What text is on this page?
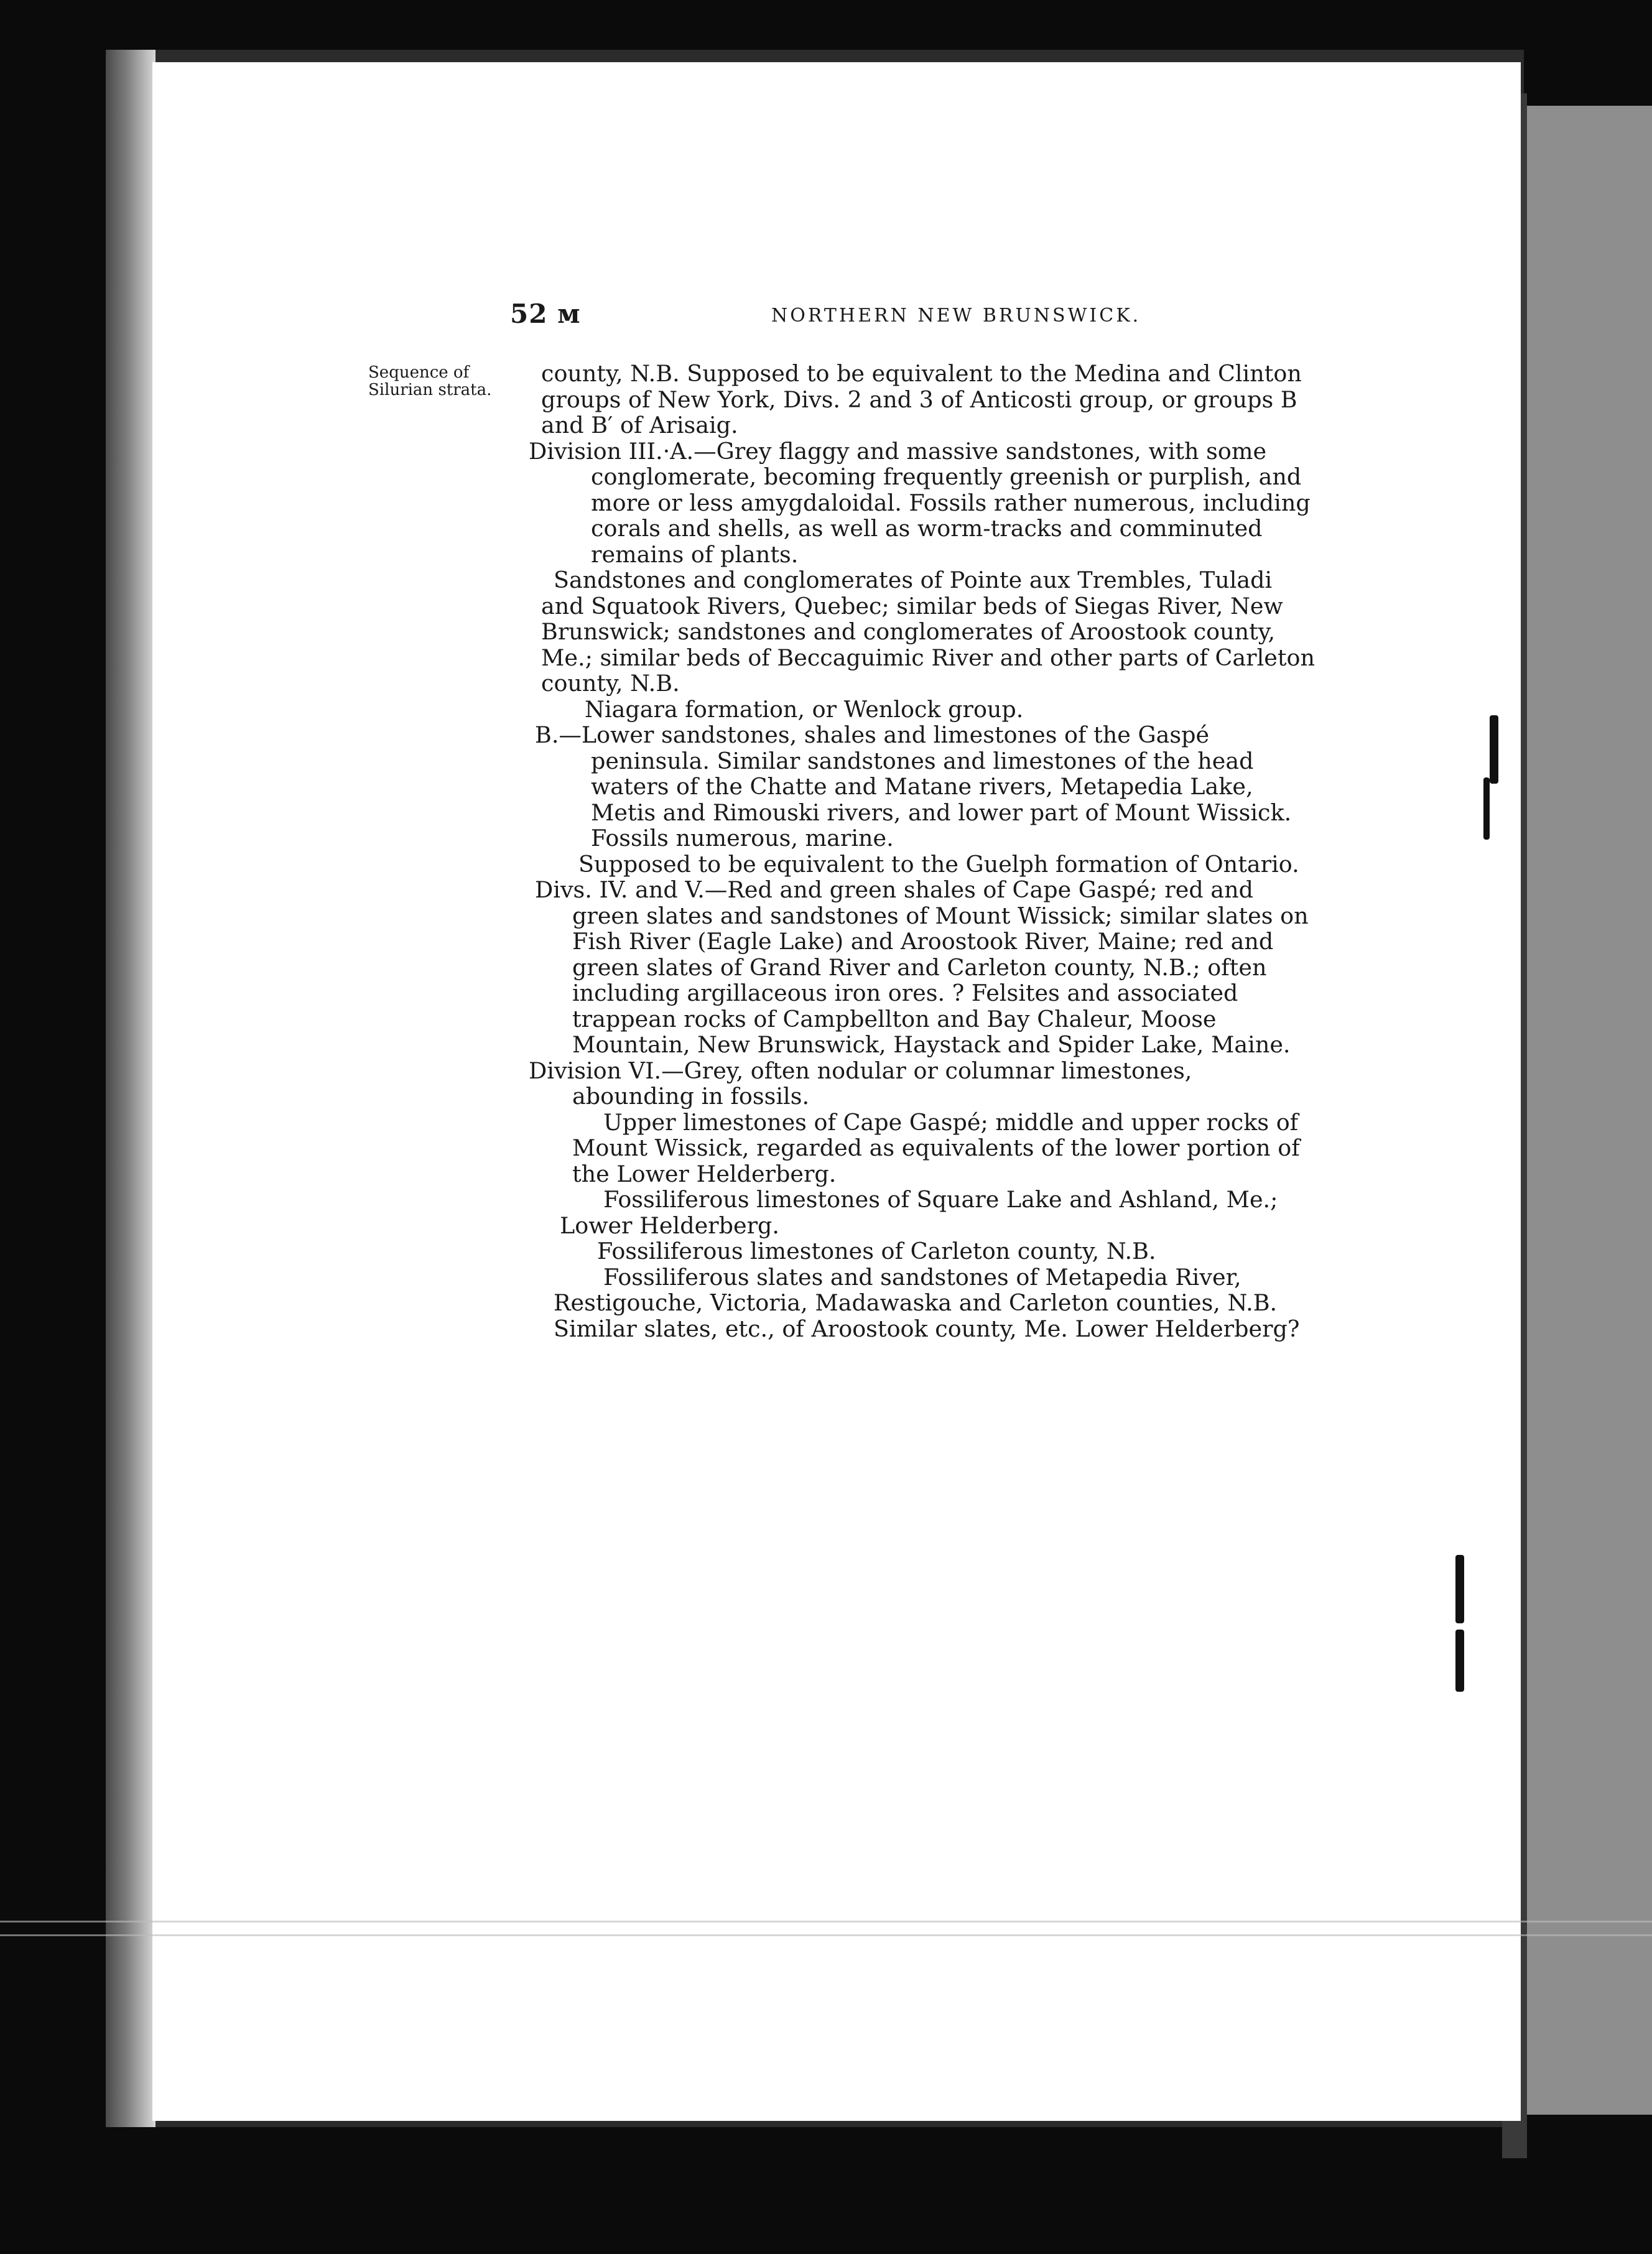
52 м	NORTHERN NEW BRUNSWICK.
Sequence of Silurian strata.

county, N.B. Supposed to be equivalent to the Medina and Clinton groups of New York, Divs. 2 and 3 of Anticosti group, or groups B and B′ of Arisaig.

Division III.·A.—Grey flaggy and massive sandstones, with some conglomerate, becoming frequently greenish or purplish, and more or less amygdaloidal. Fossils rather numerous, including corals and shells, as well as worm-tracks and comminuted remains of plants.

Sandstones and conglomerates of Pointe aux Trembles, Tuladi and Squatook Rivers, Quebec; similar beds of Siegas River, New Brunswick; sandstones and conglomerates of Aroostook county, Me.; similar beds of Beccaguimic River and other parts of Carleton county, N.B.

Niagara formation, or Wenlock group.

B.—Lower sandstones, shales and limestones of the Gaspé peninsula. Similar sandstones and limestones of the head waters of the Chatte and Matane rivers, Metapedia Lake, Metis and Rimouski rivers, and lower part of Mount Wissick. Fossils numerous, marine.

Supposed to be equivalent to the Guelph formation of Ontario.

Divs. IV. and V.—Red and green shales of Cape Gaspé; red and green slates and sandstones of Mount Wissick; similar slates on Fish River (Eagle Lake) and Aroostook River, Maine; red and green slates of Grand River and Carleton county, N.B.; often including argillaceous iron ores. ? Felsites and associated trappean rocks of Campbellton and Bay Chaleur, Moose Mountain, New Brunswick, Haystack and Spider Lake, Maine.

Division VI.—Grey, often nodular or columnar limestones, abounding in fossils.

Upper limestones of Cape Gaspé; middle and upper rocks of Mount Wissick, regarded as equivalents of the lower portion of the Lower Helderberg.

Fossiliferous limestones of Square Lake and Ashland, Me.; Lower Helderberg.

Fossiliferous limestones of Carleton county, N.B.

Fossiliferous slates and sandstones of Metapedia River, Restigouche, Victoria, Madawaska and Carleton counties, N.B. Similar slates, etc., of Aroostook county, Me. Lower Helderberg?
